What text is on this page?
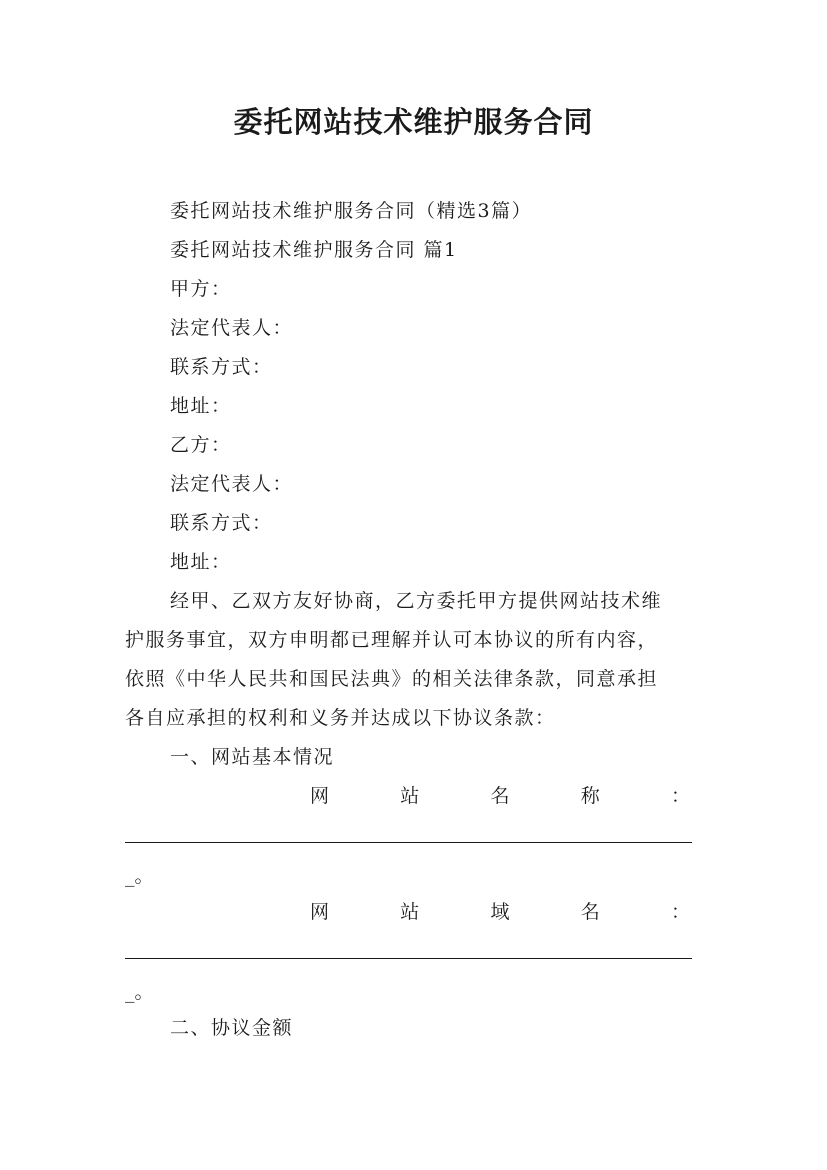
委托网站技术维护服务合同
委托网站技术维护服务合同（精选3篇）
委托网站技术维护服务合同 篇1
甲方：
法定代表人：
联系方式：
地址：
乙方：
法定代表人：
联系方式：
地址：
经甲、乙双方友好协商，乙方委托甲方提供网站技术维
护服务事宜，双方申明都已理解并认可本协议的所有内容，
依照《中华人民共和国民法典》的相关法律条款，同意承担
各自应承担的权利和义务并达成以下协议条款：
一、网站基本情况
网	站	名	称	：
_。
网	站	域	名	：
_。
二、协议金额
